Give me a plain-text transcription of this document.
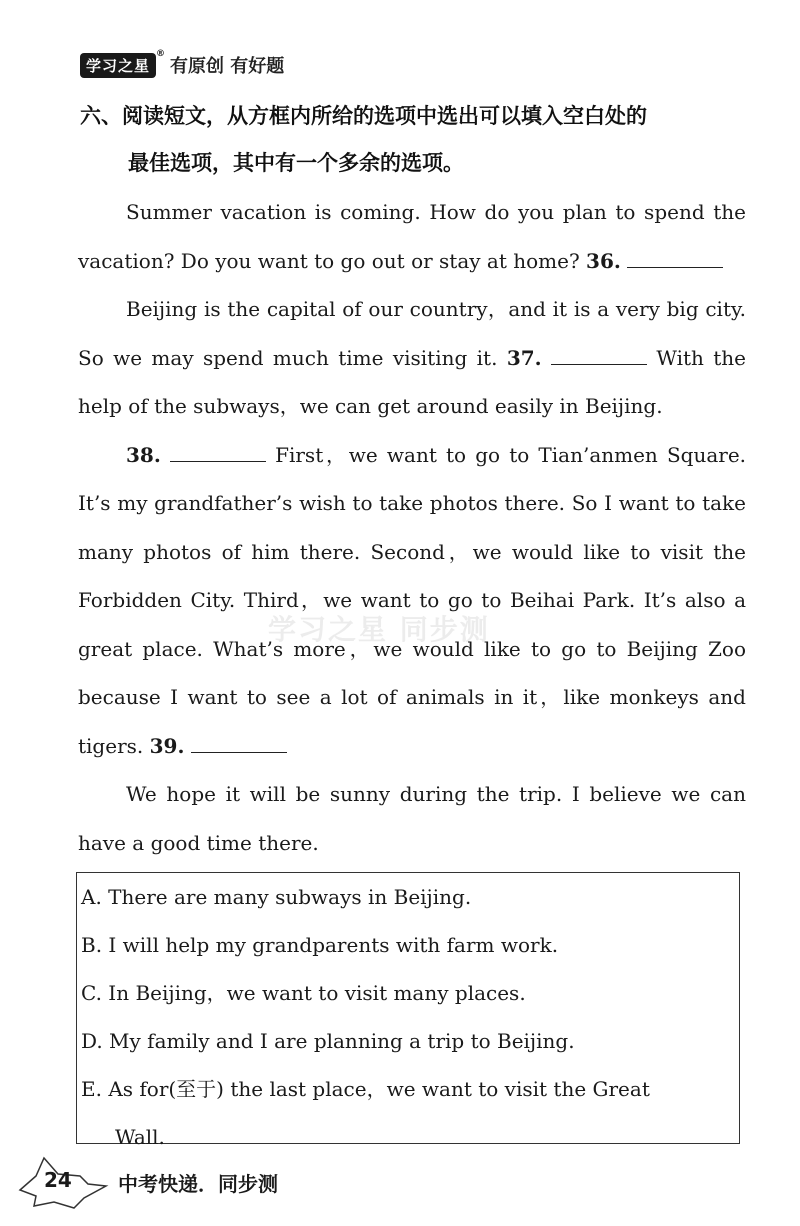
学习之星 ®	有原创 有好题
六、阅读短文，从方框内所给的选项中选出可以填入空白处的
最佳选项，其中有一个多余的选项。

Summer vacation is coming. How do you plan to spend the vacation? Do you want to go out or stay at home? 36.

Beijing is the capital of our country，and it is a very big city. So we may spend much time visiting it. 37.	With the help of the subways，we can get around easily in Beijing.

38.	First，we want to go to Tian’anmen Square. It’s my grandfather’s wish to take photos there. So I want to take many photos of him there. Second，we would like to visit the Forbidden City. Third，we want to go to Beihai Park. It’s also a great place. What’s more，we would like to go to Beijing Zoo because I want to see a lot of animals in it，like monkeys and tigers. 39.

We hope it will be sunny during the trip. I believe we can have a good time there.

学习之星 同步测

A. There are many subways in Beijing.

B. I will help my grandparents with farm work.

C. In Beijing，we want to visit many places.

D. My family and I are planning a trip to Beijing.

E. As for(至于) the last place，we want to visit the Great

Wall.

24 中考快递．同步测
